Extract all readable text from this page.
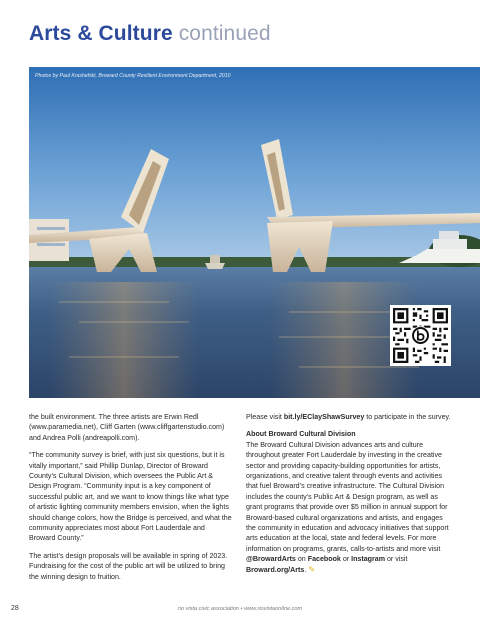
Arts & Culture continued
Photos by Paul Krashefski, Broward County Resilient Environment Department, 2010

the built environment. The three artists are Erwin Redl (www.paramedia.net), Cliff Garten (www.cliffgartenstudio.com) and Andrea Polli (andreapolli.com).

“The community survey is brief, with just six questions, but it is vitally important,” said Phillip Dunlap, Director of Broward County’s Cultural Division, which oversees the Public Art & Design Program. “Community input is a key component of successful public art, and we want to know things like what type of artistic lighting community members envision, when the lights should change colors, how the Bridge is perceived, and what the community appreciates most about Fort Lauderdale and Broward County.”

The artist’s design proposals will be available in spring of 2023. Fundraising for the cost of the public art will be utilized to bring the winning design to fruition.

Please visit bit.ly/EClayShawSurvey to participate in the survey.

About Broward Cultural Division

The Broward Cultural Division advances arts and culture throughout greater Fort Lauderdale by investing in the creative sector and providing capacity-building opportunities for artists, organizations, and creative talent through events and activities that fuel Broward’s creative infrastructure. The Cultural Division includes the county’s Public Art & Design program, as well as grant programs that provide over $5 million in annual support for Broward-based cultural organizations and artists, and engages the community in education and advocacy initiatives that support arts education at the local, state and federal levels. For more information on programs, grants, calls-to-artists and more visit @BrowardArts on Facebook or Instagram or visit Broward.org/Arts. ✎

28	rio vista civic association • www.riovistaonline.com
